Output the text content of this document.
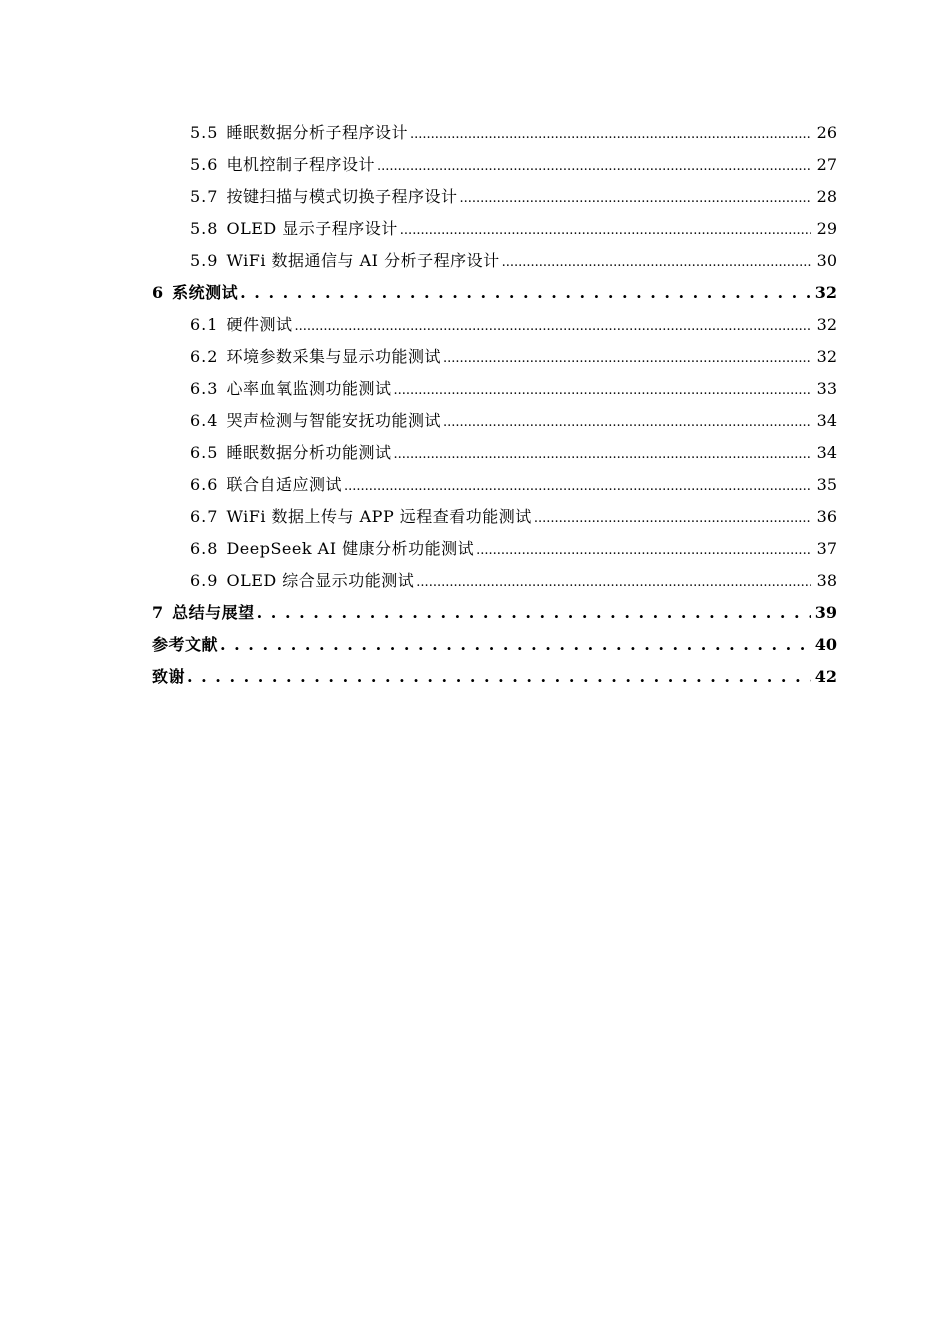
5.5 睡眠数据分析子程序设计 .....	26
5.6 电机控制子程序设计 .....	27
5.7 按键扫描与模式切换子程序设计 .....	28
5.8 OLED 显示子程序设计 .....	29
5.9 WiFi 数据通信与 AI 分析子程序设计 .....	30
6 系统测试 . . .	32
6.1 硬件测试 .....	32
6.2 环境参数采集与显示功能测试 .....	32
6.3 心率血氧监测功能测试 .....	33
6.4 哭声检测与智能安抚功能测试 .....	34
6.5 睡眠数据分析功能测试 .....	34
6.6 联合自适应测试 .....	35
6.7 WiFi 数据上传与 APP 远程查看功能测试 .....	36
6.8 DeepSeek AI 健康分析功能测试 .....	37
6.9 OLED 综合显示功能测试 .....	38
7 总结与展望 . . .	39
参考文献 . . .	40
致谢 . . .	42
